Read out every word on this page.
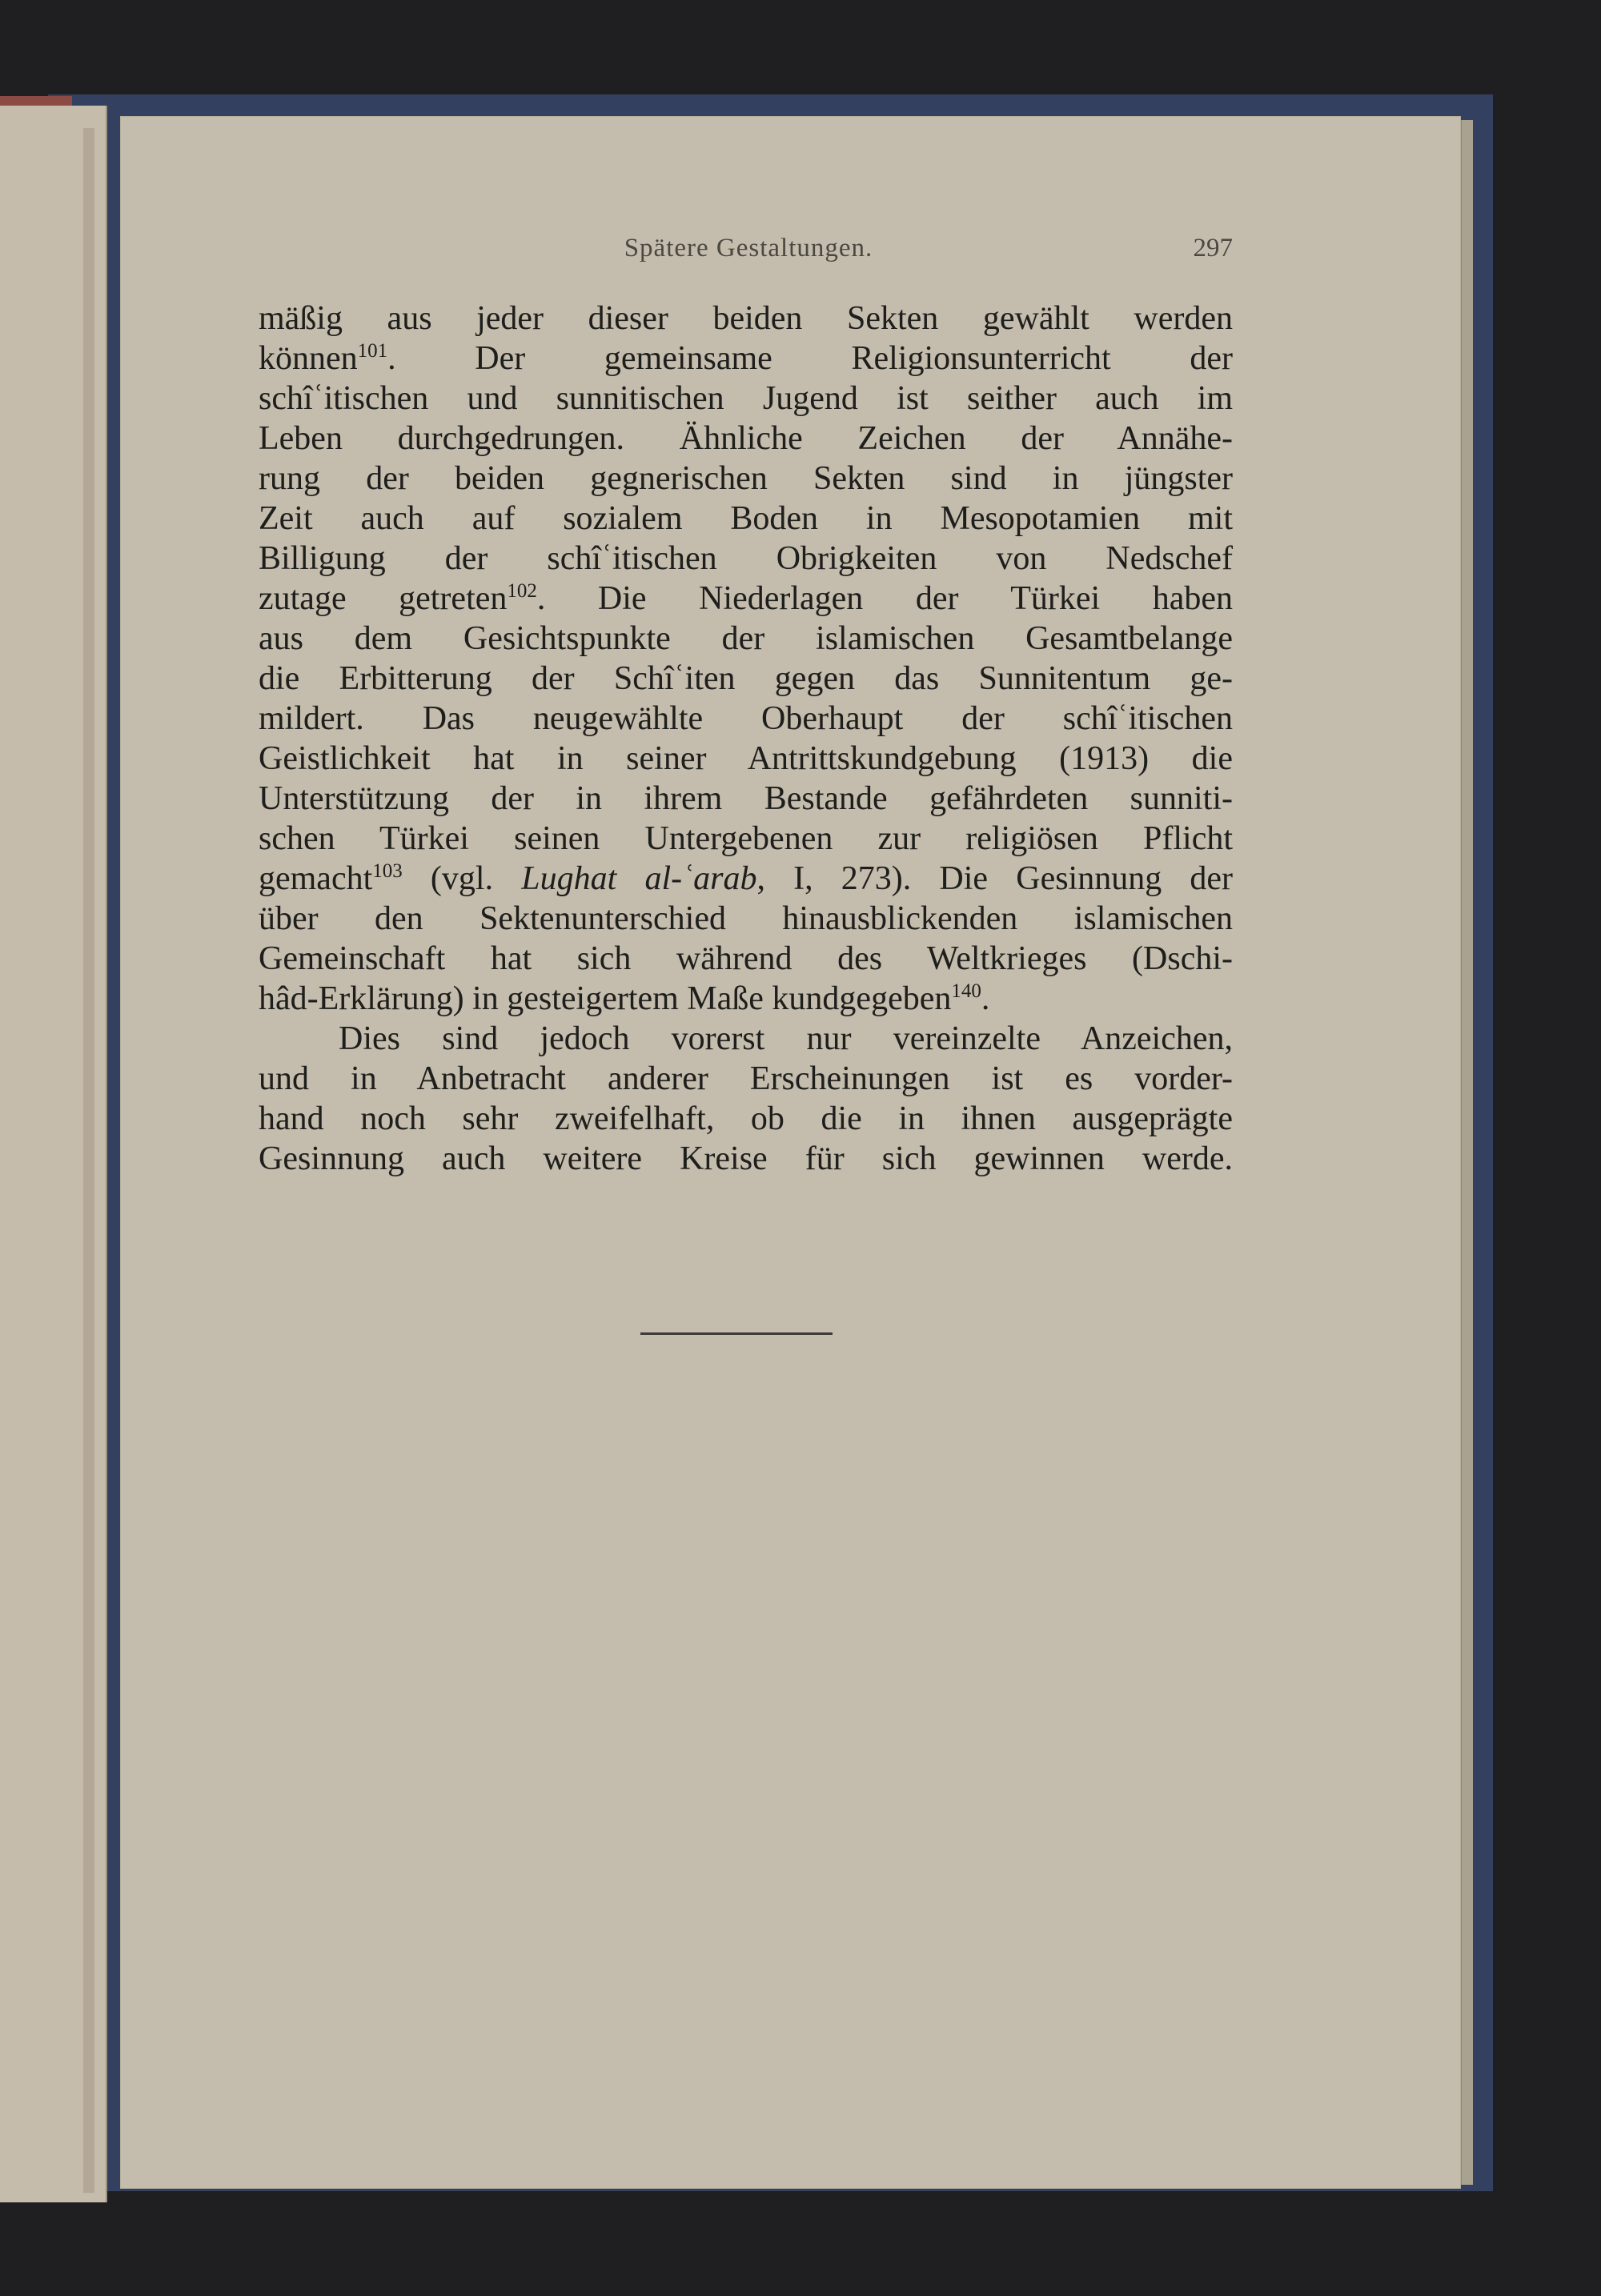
Spätere Gestaltungen.	297
mäßig aus jeder dieser beiden Sekten gewählt werden
können$^{101}$. Der gemeinsame Religionsunterricht der
schîʿitischen und sunnitischen Jugend ist seither auch im
Leben durchgedrungen. Ähnliche Zeichen der Annähe-
rung der beiden gegnerischen Sekten sind in jüngster
Zeit auch auf sozialem Boden in Mesopotamien mit
Billigung der schîʿitischen Obrigkeiten von Nedschef
zutage getreten$^{102}$. Die Niederlagen der Türkei haben
aus dem Gesichtspunkte der islamischen Gesamtbelange
die Erbitterung der Schîʿiten gegen das Sunnitentum ge-
mildert. Das neugewählte Oberhaupt der schîʿitischen
Geistlichkeit hat in seiner Antrittskundgebung (1913) die
Unterstützung der in ihrem Bestande gefährdeten sunniti-
schen Türkei seinen Untergebenen zur religiösen Pflicht
gemacht$^{103}$ (vgl. Lughat al-ʿarab, I, 273). Die Gesinnung der
über den Sektenunterschied hinausblickenden islamischen
Gemeinschaft hat sich während des Weltkrieges (Dschi-
hâd-Erklärung) in gesteigertem Maße kundgegeben$^{140}$.
Dies sind jedoch vorerst nur vereinzelte Anzeichen,
und in Anbetracht anderer Erscheinungen ist es vorder-
hand noch sehr zweifelhaft, ob die in ihnen ausgeprägte
Gesinnung auch weitere Kreise für sich gewinnen werde.
